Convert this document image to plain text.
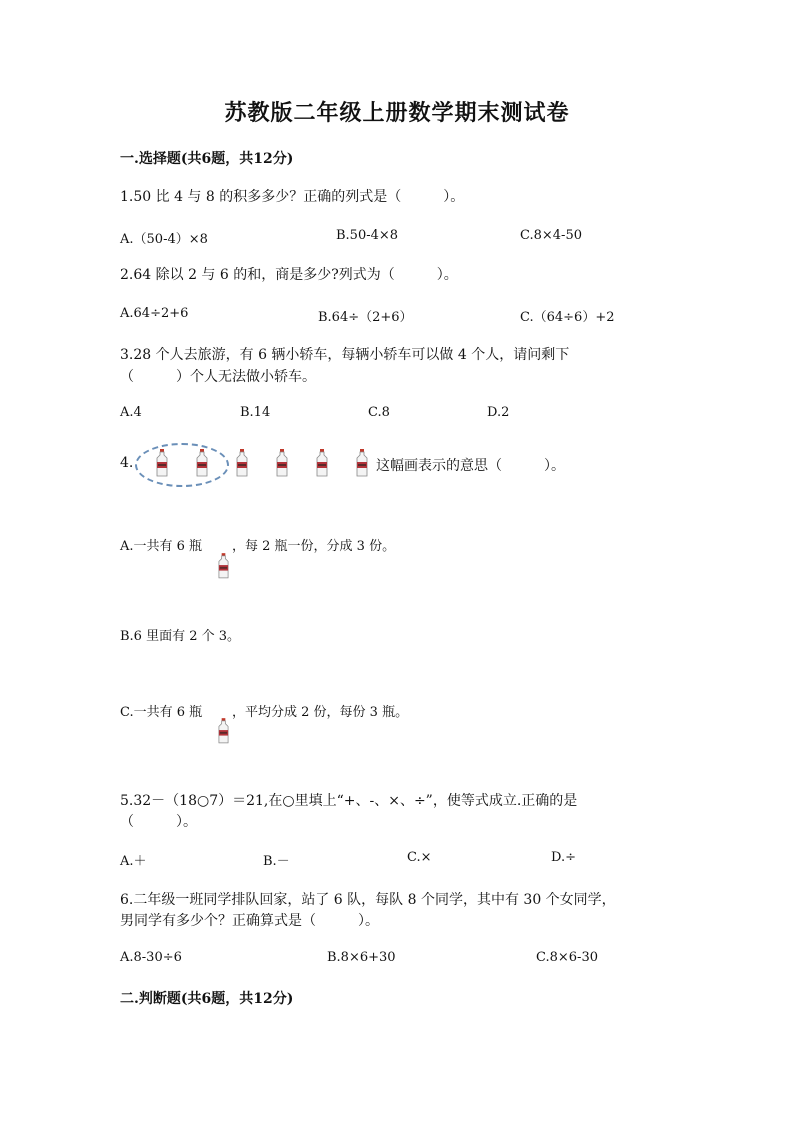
苏教版二年级上册数学期末测试卷
一.选择题(共6题，共12分)
1.50 比 4 与 8 的积多多少？正确的列式是（　　　）。
A.（50-4）×8	B.50-4×8	C.8×4-50
2.64 除以 2 与 6 的和，商是多少?列式为（　　　）。
A.64÷2+6	B.64÷（2+6）	C.（64÷6）+2
3.28 个人去旅游，有 6 辆小轿车，每辆小轿车可以做 4 个人，请问剩下
（　　　）个人无法做小轿车。
A.4	B.14	C.8	D.2
4.	这幅画表示的意思（　　　）。
A.一共有 6 瓶 ，每 2 瓶一份，分成 3 份。
B.6 里面有 2 个 3。
C.一共有 6 瓶 ，平均分成 2 份，每份 3 瓶。
5.32－（18○7）＝21,在○里填上“+、-、×、÷”，使等式成立.正确的是
（　　　）。
A.＋	B.－	C.×	D.÷
6.二年级一班同学排队回家，站了 6 队，每队 8 个同学，其中有 30 个女同学，
男同学有多少个？正确算式是（　　　）。
A.8-30÷6	B.8×6+30	C.8×6-30
二.判断题(共6题，共12分)
